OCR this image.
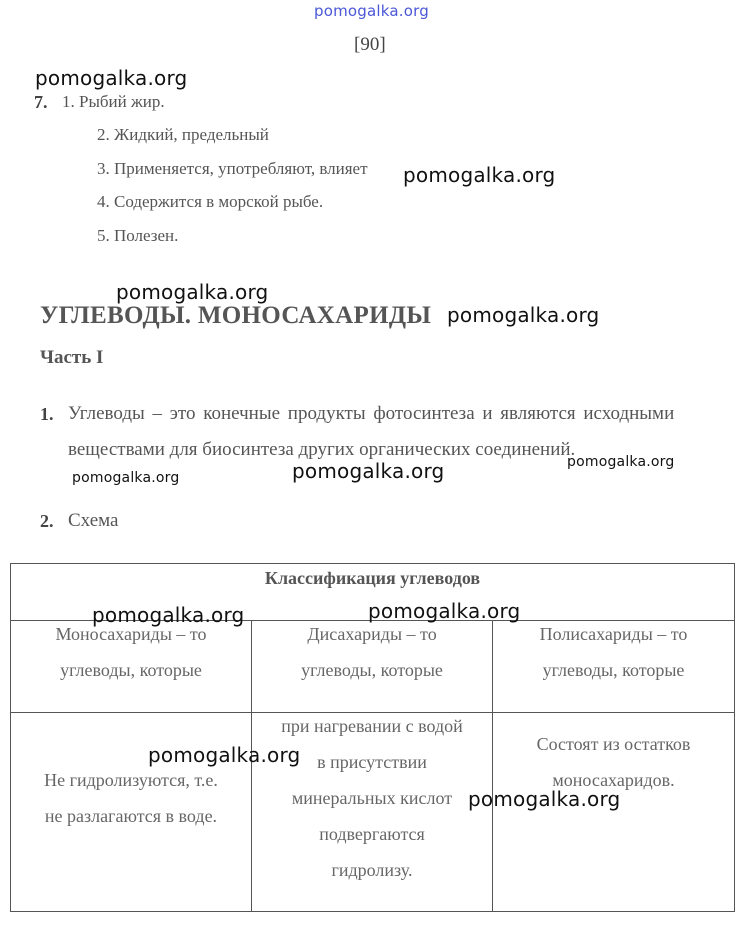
pomogalka.org
[90]
7. 1. Рыбий жир.
2. Жидкий, предельный
3. Применяется, употребляют, влияет
4. Содержится в морской рыбе.
5. Полезен.
УГЛЕВОДЫ. МОНОСАХАРИДЫ
Часть I
1. Углеводы – это конечные продукты фотосинтеза и являются исходными
веществами для биосинтеза других органических соединений.
2. Схема
Классификация углеводов
Моносахариды – то
углеводы, которые
Дисахариды – то
углеводы, которые
Полисахариды – то
углеводы, которые
Не гидролизуются, т.е.
не разлагаются в воде.
при нагревании с водой
в присутствии
минеральных кислот
подвергаются
гидролизу.
Состоят из остатков
моносахаридов.
pomogalka.org
pomogalka.org
pomogalka.org
pomogalka.org
pomogalka.org	pomogalka.org
pomogalka.org
pomogalka.org	pomogalka.org
pomogalka.org
pomogalka.org
